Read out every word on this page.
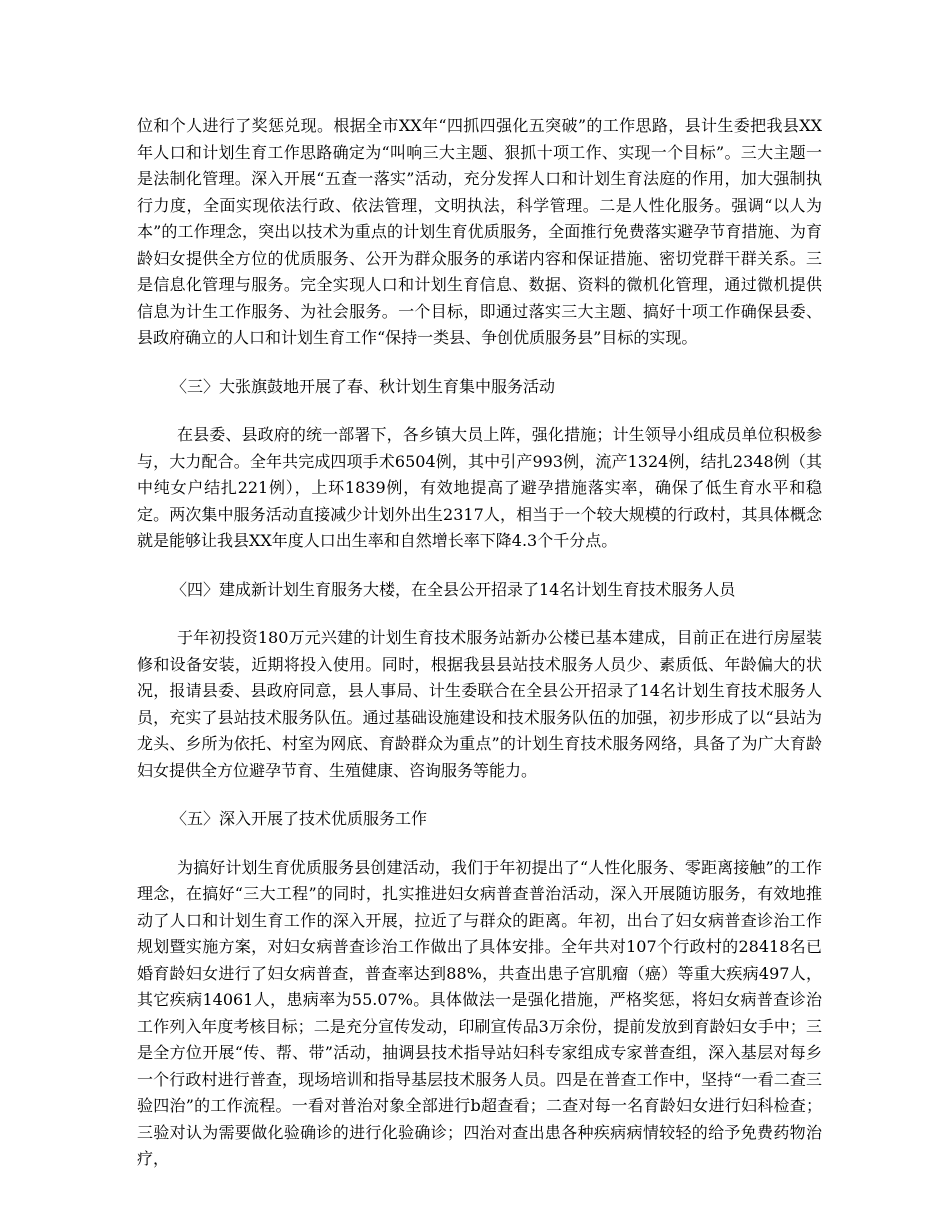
位和个人进行了奖惩兑现。根据全市XX年“四抓四强化五突破”的工作思路，县计生委把我县XX年人口和计划生育工作思路确定为“叫响三大主题、狠抓十项工作、实现一个目标”。三大主题一是法制化管理。深入开展“五查一落实”活动，充分发挥人口和计划生育法庭的作用，加大强制执行力度，全面实现依法行政、依法管理，文明执法，科学管理。二是人性化服务。强调“以人为本”的工作理念，突出以技术为重点的计划生育优质服务，全面推行免费落实避孕节育措施、为育龄妇女提供全方位的优质服务、公开为群众服务的承诺内容和保证措施、密切党群干群关系。三是信息化管理与服务。完全实现人口和计划生育信息、数据、资料的微机化管理，通过微机提供信息为计生工作服务、为社会服务。一个目标，即通过落实三大主题、搞好十项工作确保县委、县政府确立的人口和计划生育工作“保持一类县、争创优质服务县”目标的实现。

〈三〉大张旗鼓地开展了春、秋计划生育集中服务活动

在县委、县政府的统一部署下，各乡镇大员上阵，强化措施；计生领导小组成员单位积极参与，大力配合。全年共完成四项手术6504例，其中引产993例，流产1324例，结扎2348例（其中纯女户结扎221例），上环1839例，有效地提高了避孕措施落实率，确保了低生育水平和稳定。两次集中服务活动直接减少计划外出生2317人，相当于一个较大规模的行政村，其具体概念就是能够让我县XX年度人口出生率和自然增长率下降4.3个千分点。

〈四〉建成新计划生育服务大楼，在全县公开招录了14名计划生育技术服务人员

于年初投资180万元兴建的计划生育技术服务站新办公楼已基本建成，目前正在进行房屋装修和设备安装，近期将投入使用。同时，根据我县县站技术服务人员少、素质低、年龄偏大的状况，报请县委、县政府同意，县人事局、计生委联合在全县公开招录了14名计划生育技术服务人员，充实了县站技术服务队伍。通过基础设施建设和技术服务队伍的加强，初步形成了以“县站为龙头、乡所为依托、村室为网底、育龄群众为重点”的计划生育技术服务网络，具备了为广大育龄妇女提供全方位避孕节育、生殖健康、咨询服务等能力。

〈五〉深入开展了技术优质服务工作

为搞好计划生育优质服务县创建活动，我们于年初提出了“人性化服务、零距离接触”的工作理念，在搞好“三大工程”的同时，扎实推进妇女病普查普治活动，深入开展随访服务，有效地推动了人口和计划生育工作的深入开展，拉近了与群众的距离。年初，出台了妇女病普查诊治工作规划暨实施方案，对妇女病普查诊治工作做出了具体安排。全年共对107个行政村的28418名已婚育龄妇女进行了妇女病普查，普查率达到88%，共查出患子宫肌瘤（癌）等重大疾病497人，其它疾病14061人，患病率为55.07%。具体做法一是强化措施，严格奖惩，将妇女病普查诊治工作列入年度考核目标；二是充分宣传发动，印刷宣传品3万余份，提前发放到育龄妇女手中；三是全方位开展“传、帮、带”活动，抽调县技术指导站妇科专家组成专家普查组，深入基层对每乡一个行政村进行普查，现场培训和指导基层技术服务人员。四是在普查工作中，坚持“一看二查三验四治”的工作流程。一看对普治对象全部进行b超查看；二查对每一名育龄妇女进行妇科检查；三验对认为需要做化验确诊的进行化验确诊；四治对查出患各种疾病病情较轻的给予免费药物治疗，
